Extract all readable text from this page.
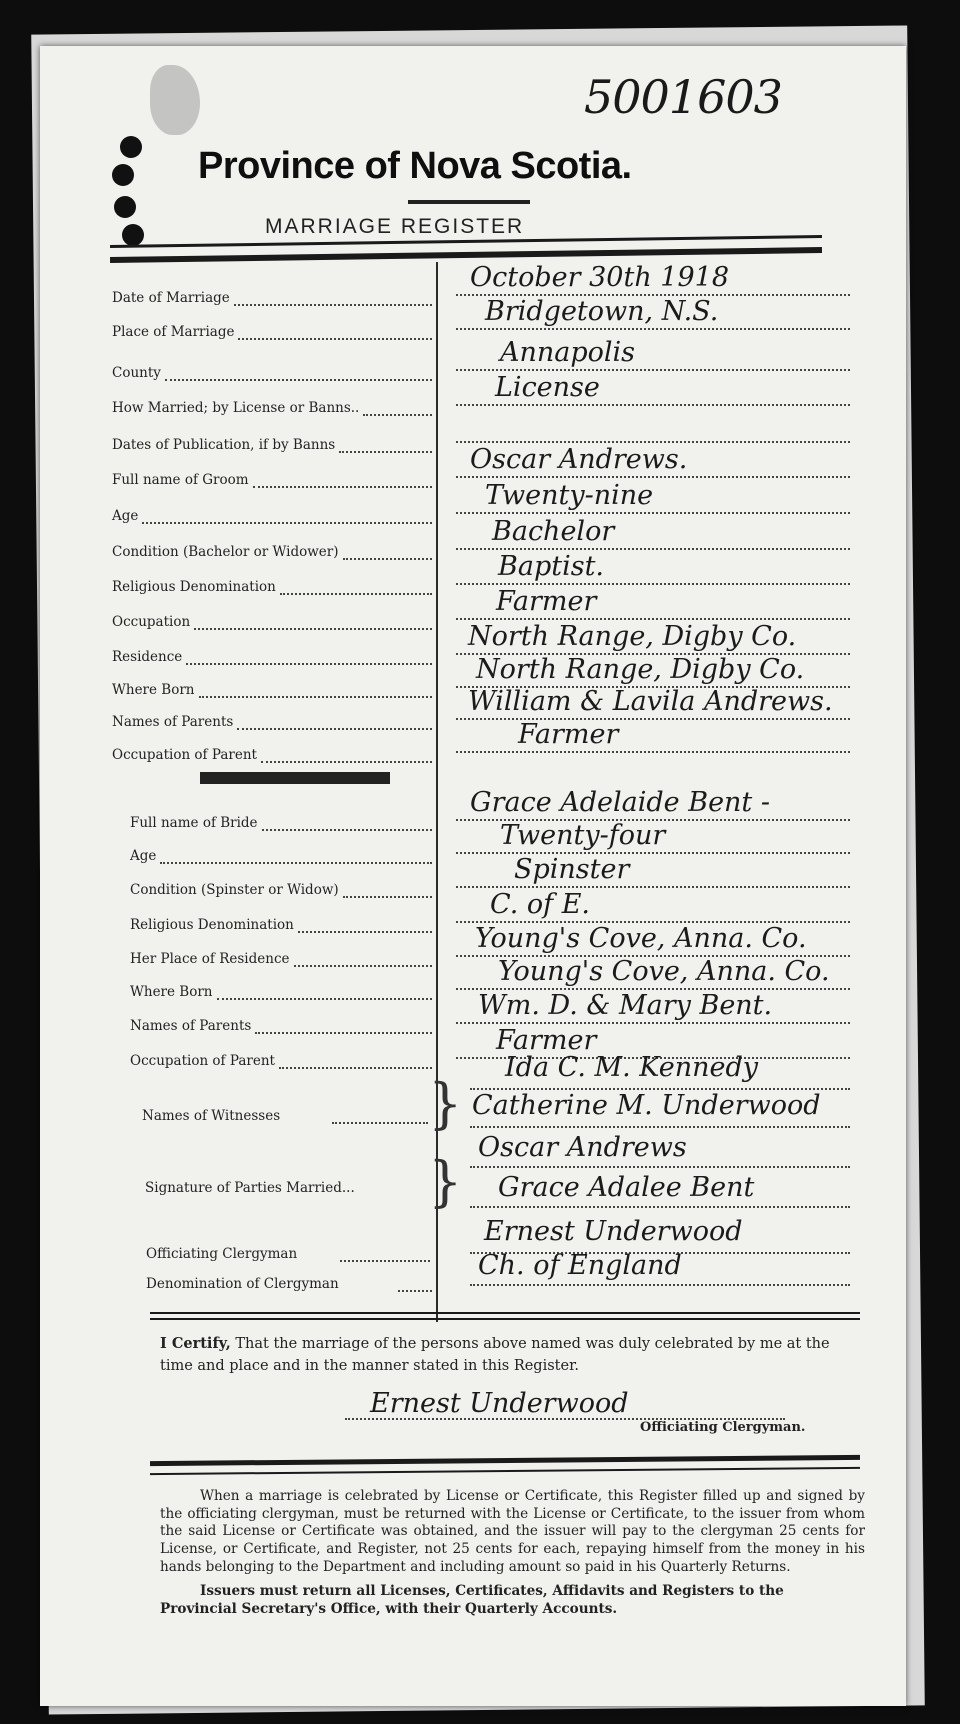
5001603
Province of Nova Scotia.
MARRIAGE REGISTER
Date of Marriage
October 30th 1918
Place of Marriage
Bridgetown, N.S.
County
Annapolis
How Married; by License or Banns..
License
Dates of Publication, if by Banns
Full name of Groom
Oscar Andrews.
Age
Twenty-nine
Condition (Bachelor or Widower)
Bachelor
Religious Denomination
Baptist.
Occupation
Farmer
Residence
North Range, Digby Co.
Where Born
North Range, Digby Co.
Names of Parents
William & Lavila Andrews.
Occupation of Parent
Farmer
Full name of Bride
Grace Adelaide Bent -
Age
Twenty-four
Condition (Spinster or Widow)
Spinster
Religious Denomination
C. of E.
Her Place of Residence
Young's Cove, Anna. Co.
Where Born
Young's Cove, Anna. Co.
Names of Parents
Wm. D. & Mary Bent.
Occupation of Parent
Farmer
Names of Witnesses	}
Ida C. M. Kennedy
Catherine M. Underwood
Signature of Parties Married... }
Oscar Andrews
Grace Adalee Bent
Officiating Clergyman
Ernest Underwood
Denomination of Clergyman
Ch. of England
I Certify, That the marriage of the persons above named was duly celebrated by me at the time and place and in the manner stated in this Register.
Ernest Underwood
Officiating Clergyman.
When a marriage is celebrated by License or Certificate, this Register filled up and signed by the officiating clergyman, must be returned with the License or Certificate, to the issuer from whom the said License or Certificate was obtained, and the issuer will pay to the clergyman 25 cents for License, or Certificate, and Register, not 25 cents for each, repaying himself from the money in his hands belonging to the Department and including amount so paid in his Quarterly Returns.
Issuers must return all Licenses, Certificates, Affidavits and Registers to the Provincial Secretary's Office, with their Quarterly Accounts.
